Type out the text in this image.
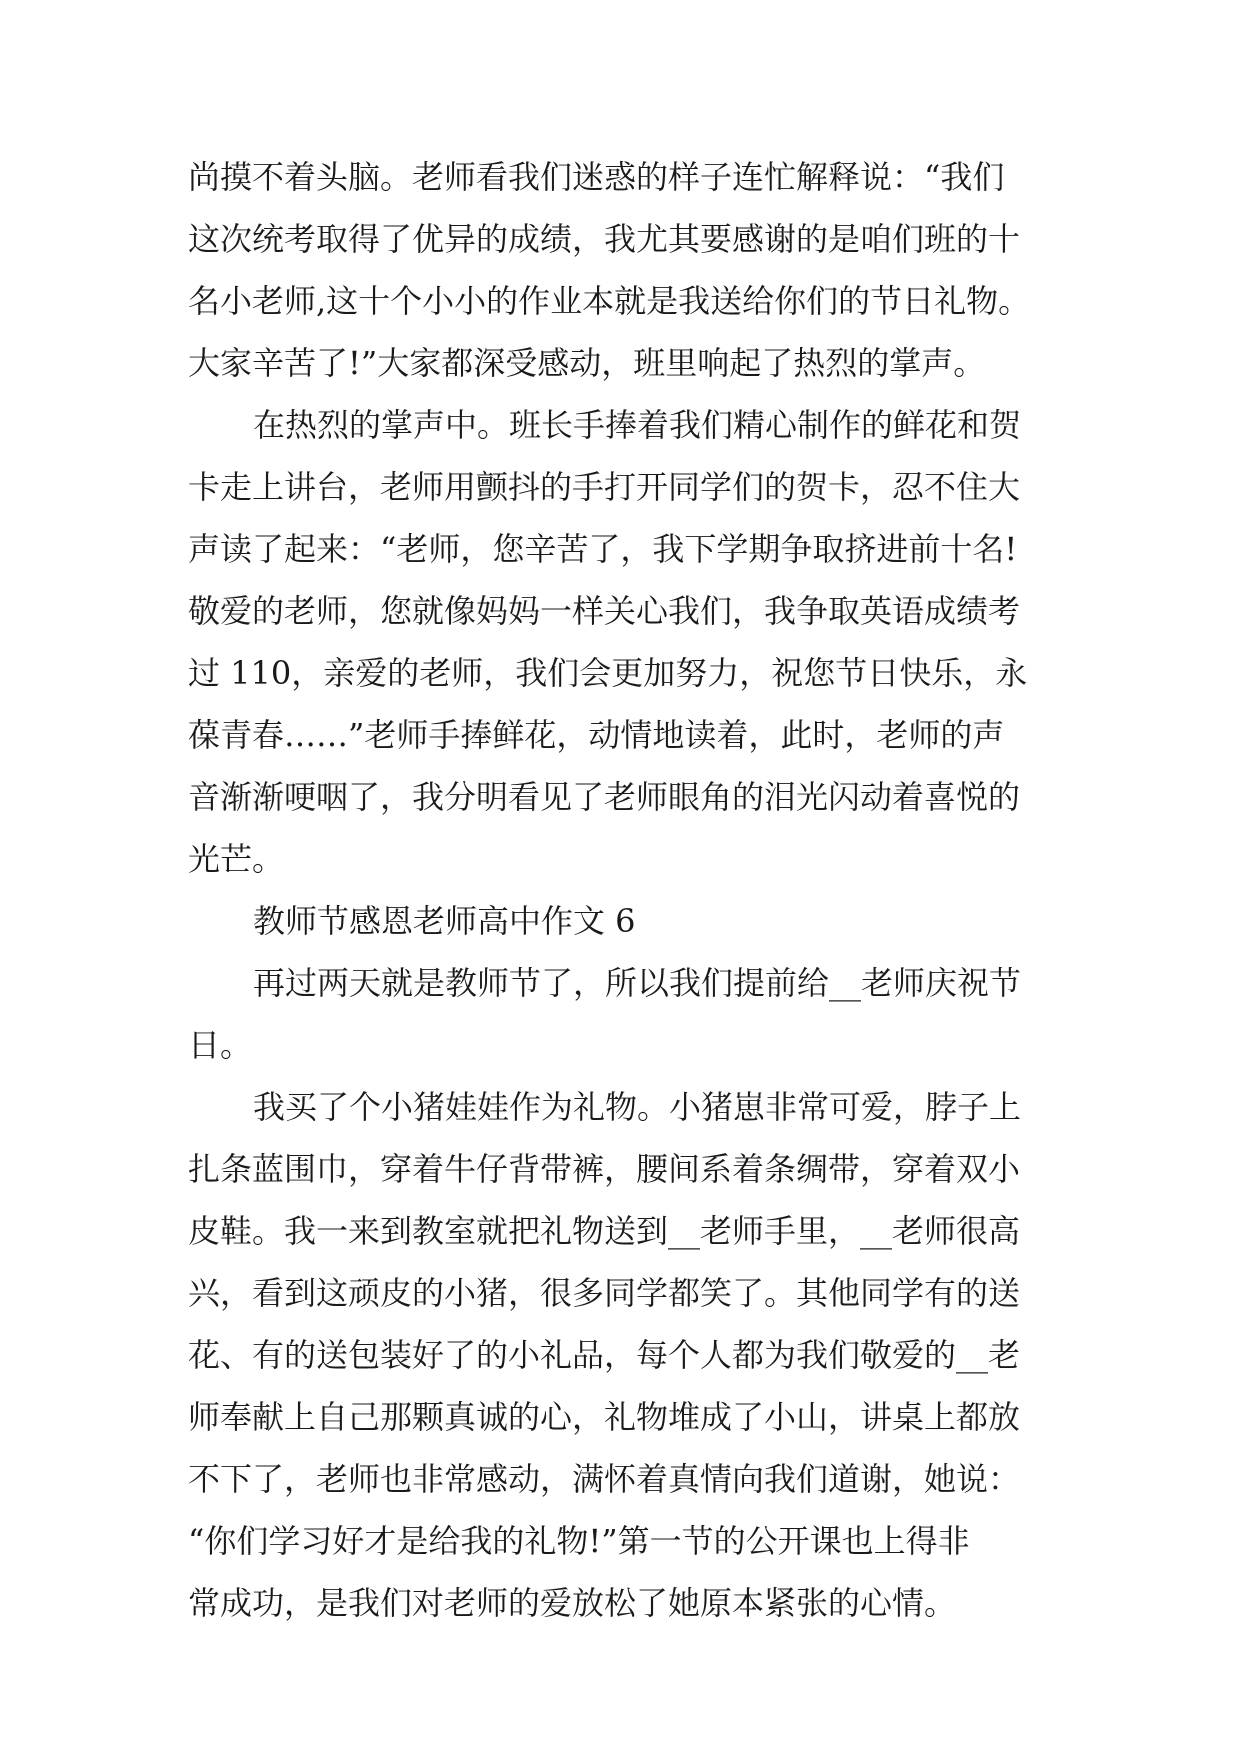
尚摸不着头脑。老师看我们迷惑的样子连忙解释说：“我们

这次统考取得了优异的成绩，我尤其要感谢的是咱们班的十

名小老师,这十个小小的作业本就是我送给你们的节日礼物。

大家辛苦了!”大家都深受感动，班里响起了热烈的掌声。

在热烈的掌声中。班长手捧着我们精心制作的鲜花和贺

卡走上讲台，老师用颤抖的手打开同学们的贺卡，忍不住大

声读了起来：“老师，您辛苦了，我下学期争取挤进前十名!

敬爱的老师，您就像妈妈一样关心我们，我争取英语成绩考

过 110，亲爱的老师，我们会更加努力，祝您节日快乐，永

葆青春……”老师手捧鲜花，动情地读着，此时，老师的声

音渐渐哽咽了，我分明看见了老师眼角的泪光闪动着喜悦的

光芒。

教师节感恩老师高中作文 6

再过两天就是教师节了，所以我们提前给__老师庆祝节

日。

我买了个小猪娃娃作为礼物。小猪崽非常可爱，脖子上

扎条蓝围巾，穿着牛仔背带裤，腰间系着条绸带，穿着双小

皮鞋。我一来到教室就把礼物送到__老师手里，__老师很高

兴，看到这顽皮的小猪，很多同学都笑了。其他同学有的送

花、有的送包装好了的小礼品，每个人都为我们敬爱的__老

师奉献上自己那颗真诚的心，礼物堆成了小山，讲桌上都放

不下了，老师也非常感动，满怀着真情向我们道谢，她说：

“你们学习好才是给我的礼物!”第一节的公开课也上得非

常成功，是我们对老师的爱放松了她原本紧张的心情。
